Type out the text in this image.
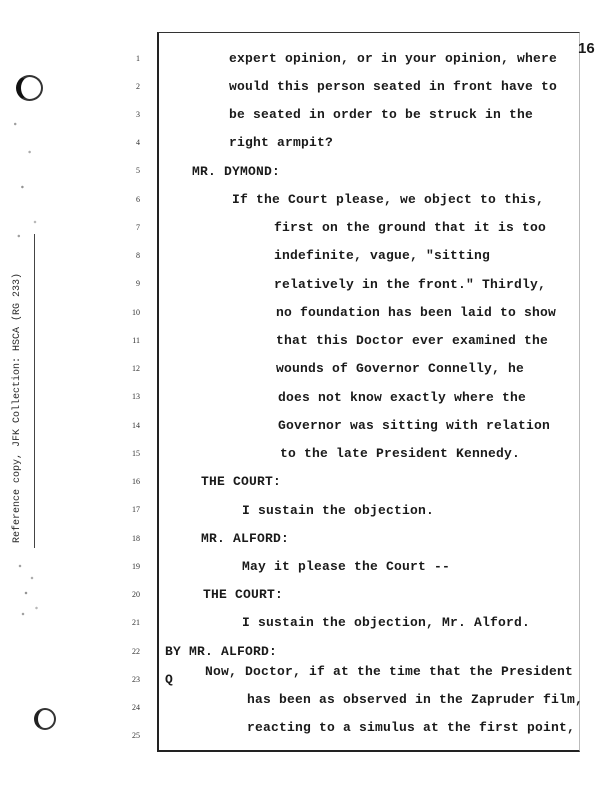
Reference copy, JFK Collection: HSCA (RG 233)
16
1
2
3
4
5
6
7
8
9
10
11
12
13
14
15
16
17
18
19
20
21
22
23
24
25
expert opinion, or in your opinion, where
would this person seated in front have to
be seated in order to be struck in the
right armpit?
MR. DYMOND:
If the Court please, we object to this,
first on the ground that it is too
indefinite, vague, "sitting
relatively in the front." Thirdly,
no foundation has been laid to show
that this Doctor ever examined the
wounds of Governor Connelly, he
does not know exactly where the
Governor was sitting with relation
to the late President Kennedy.
THE COURT:
I sustain the objection.
MR. ALFORD:
May it please the Court --
THE COURT:
I sustain the objection, Mr. Alford.
BY MR. ALFORD:
Q
Now, Doctor, if at the time that the President
has been as observed in the Zapruder film,
reacting to a simulus at the first point,
